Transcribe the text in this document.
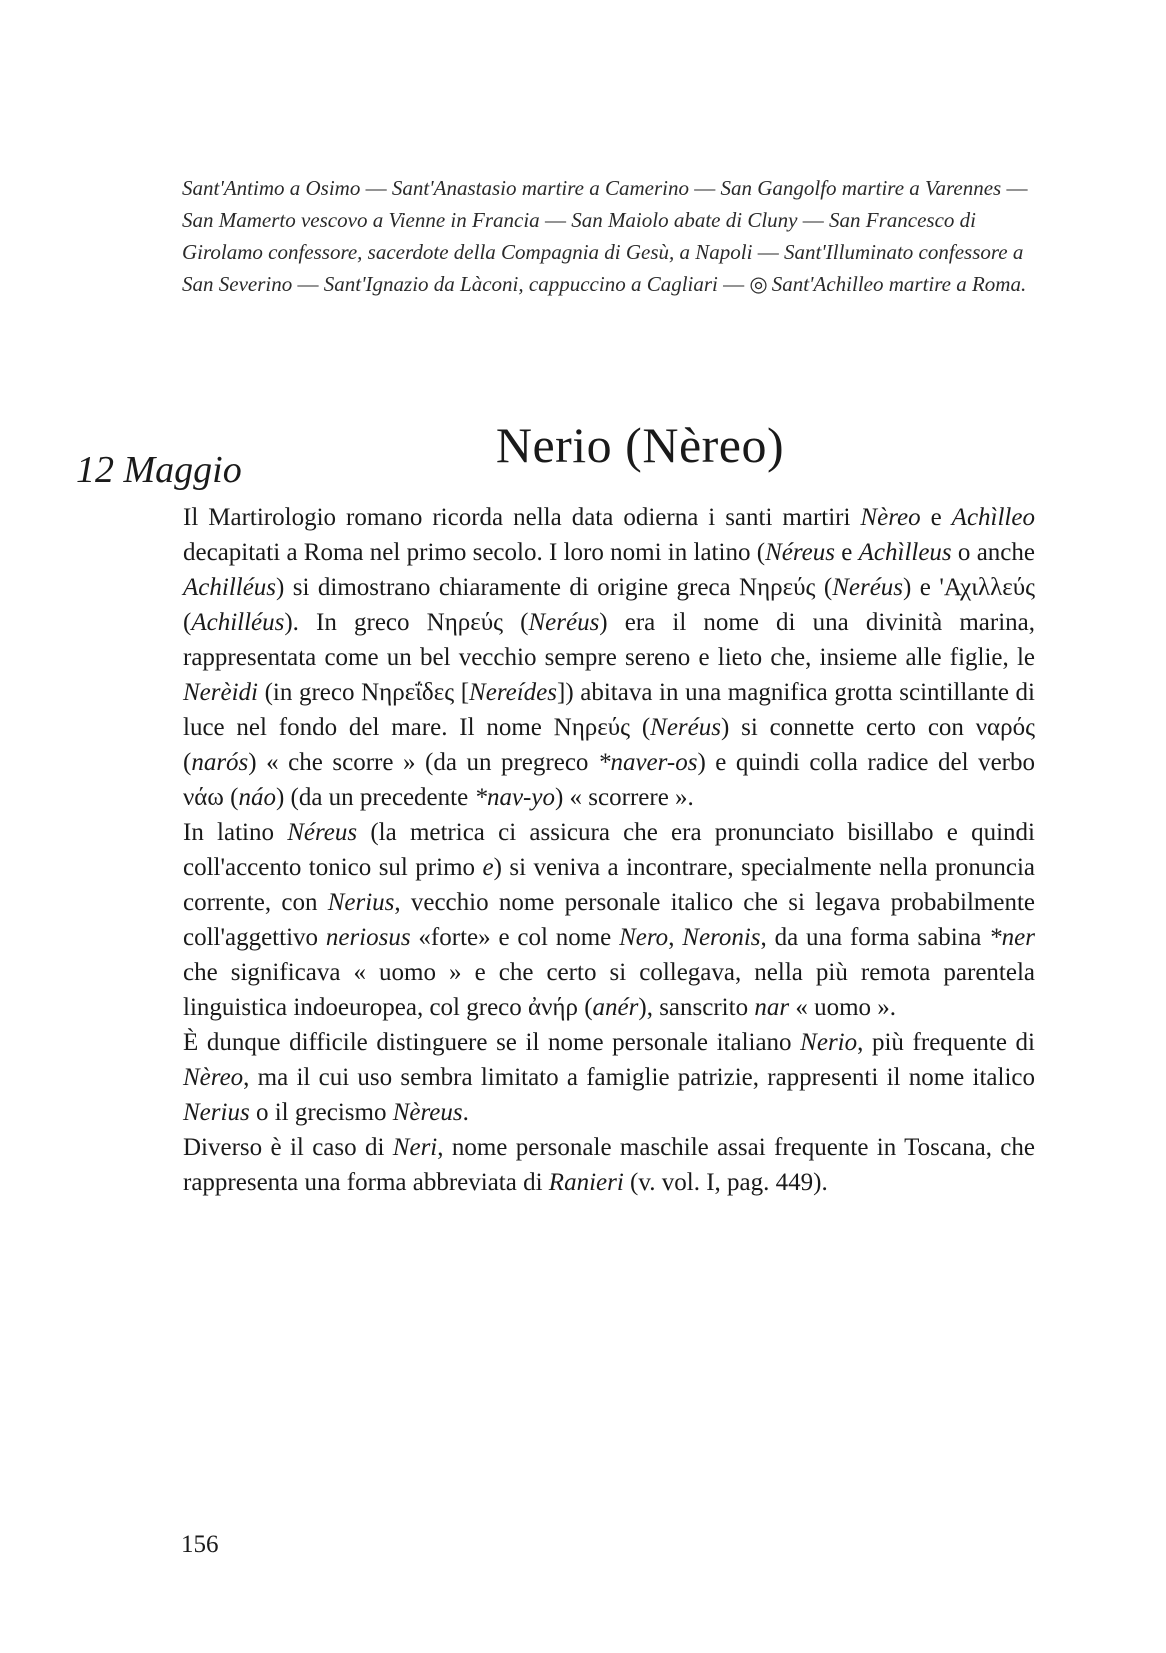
Sant'Antimo a Osimo — Sant'Anastasio martire a Camerino — San Gangolfo martire a Varennes — San Mamerto vescovo a Vienne in Francia — San Maiolo abate di Cluny — San Francesco di Girolamo confessore, sacerdote della Compagnia di Gesù, a Napoli — Sant'Illuminato confessore a San Severino — Sant'Ignazio da Làconi, cappuccino a Cagliari — ◎ Sant'Achilleo martire a Roma.
Nerio (Nèreo)
12 Maggio

Il Martirologio romano ricorda nella data odierna i santi martiri Nèreo e Achìlleo decapitati a Roma nel primo secolo. I loro nomi in latino (Néreus e Achìlleus o anche Achilléus) si dimostrano chiaramente di origine greca Νηρεύς (Neréus) e 'Αχιλλεύς (Achilléus). In greco Νηρεύς (Neréus) era il nome di una divinità marina, rappresentata come un bel vecchio sempre sereno e lieto che, insieme alle figlie, le Nerèidi (in greco Νηρεΐδες [Nereídes]) abitava in una magnifica grotta scintillante di luce nel fondo del mare. Il nome Νηρεύς (Neréus) si connette certo con ναρός (narós) « che scorre » (da un pregreco *naver-os) e quindi colla radice del verbo νάω (náo) (da un precedente *nav-yo) « scorrere ».

In latino Néreus (la metrica ci assicura che era pronunciato bisillabo e quindi coll'accento tonico sul primo e) si veniva a incontrare, specialmente nella pronuncia corrente, con Nerius, vecchio nome personale italico che si legava probabilmente coll'aggettivo neriosus «forte» e col nome Nero, Neronis, da una forma sabina *ner che significava « uomo » e che certo si collegava, nella più remota parentela linguistica indoeuropea, col greco ἀνήρ (anér), sanscrito nar « uomo ».

È dunque difficile distinguere se il nome personale italiano Nerio, più frequente di Nèreo, ma il cui uso sembra limitato a famiglie patrizie, rappresenti il nome italico Nerius o il grecismo Nèreus.

Diverso è il caso di Neri, nome personale maschile assai frequente in Toscana, che rappresenta una forma abbreviata di Ranieri (v. vol. I, pag. 449).

156
